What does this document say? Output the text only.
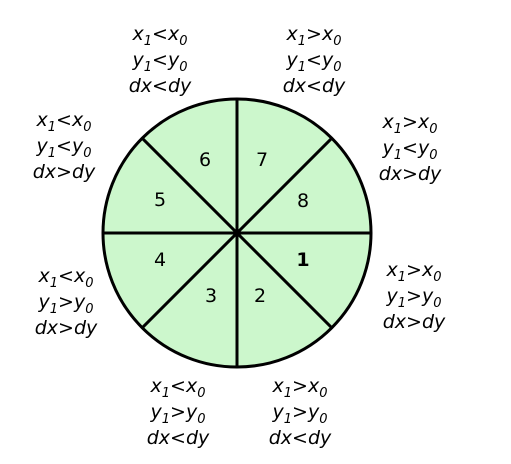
1
2
3
4
5
6 7
8
$x_1<x_0$
$y_1<y_0$
dx<dy
$x_1>x_0$
$y_1<y_0$
dx<dy
$x_1>x_0$
$y_1<y_0$
dx>dy
$x_1>x_0$
$y_1>y_0$
dx>dy
$x_1>x_0$
$y_1>y_0$
dx<dy
$x_1<x_0$
$y_1>y_0$
dx<dy
$x_1<x_0$
$y_1>y_0$
dx>dy
$x_1<x_0$
$y_1<y_0$
dx>dy
